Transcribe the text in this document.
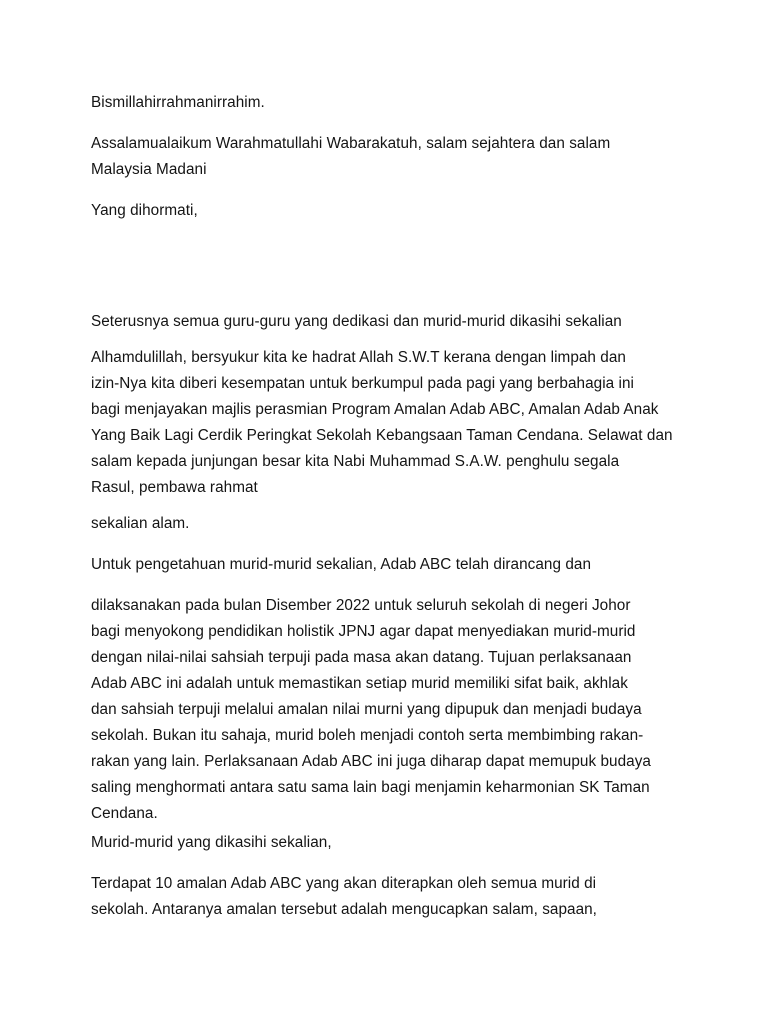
Bismillahirrahmanirrahim.

Assalamualaikum Warahmatullahi Wabarakatuh, salam sejahtera dan salam
Malaysia Madani

Yang dihormati,

Seterusnya semua guru-guru yang dedikasi dan murid-murid dikasihi sekalian

Alhamdulillah, bersyukur kita ke hadrat Allah S.W.T kerana dengan limpah dan
izin-Nya kita diberi kesempatan untuk berkumpul pada pagi yang berbahagia ini
bagi menjayakan majlis perasmian Program Amalan Adab ABC, Amalan Adab Anak
Yang Baik Lagi Cerdik Peringkat Sekolah Kebangsaan Taman Cendana. Selawat dan
salam kepada junjungan besar kita Nabi Muhammad S.A.W. penghulu segala
Rasul, pembawa rahmat

sekalian alam.

Untuk pengetahuan murid-murid sekalian, Adab ABC telah dirancang dan

dilaksanakan pada bulan Disember 2022 untuk seluruh sekolah di negeri Johor
bagi menyokong pendidikan holistik JPNJ agar dapat menyediakan murid-murid
dengan nilai-nilai sahsiah terpuji pada masa akan datang. Tujuan perlaksanaan
Adab ABC ini adalah untuk memastikan setiap murid memiliki sifat baik, akhlak
dan sahsiah terpuji melalui amalan nilai murni yang dipupuk dan menjadi budaya
sekolah. Bukan itu sahaja, murid boleh menjadi contoh serta membimbing rakan-
rakan yang lain. Perlaksanaan Adab ABC ini juga diharap dapat memupuk budaya
saling menghormati antara satu sama lain bagi menjamin keharmonian SK Taman
Cendana.

Murid-murid yang dikasihi sekalian,

Terdapat 10 amalan Adab ABC yang akan diterapkan oleh semua murid di
sekolah. Antaranya amalan tersebut adalah mengucapkan salam, sapaan,
